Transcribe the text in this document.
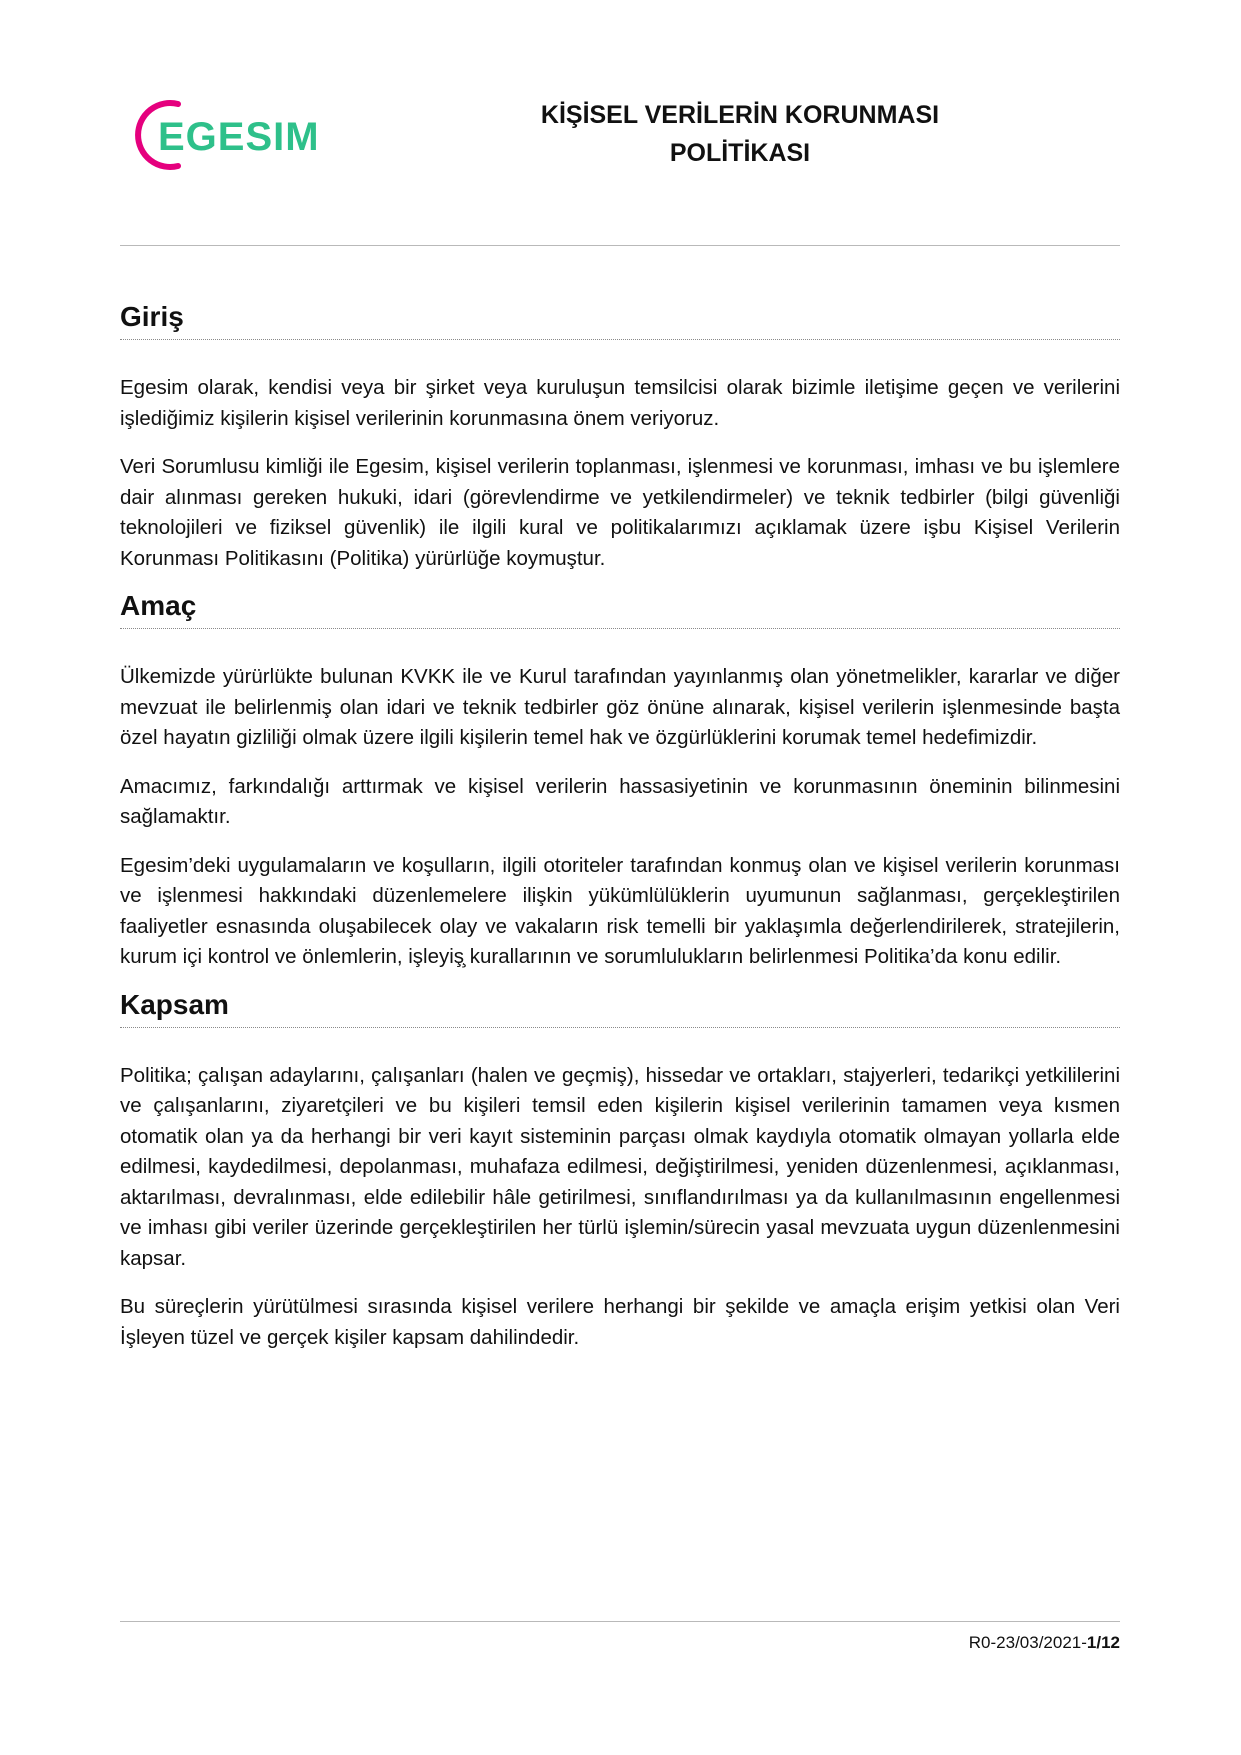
EGESIM	KİŞİSEL VERİLERİN KORUNMASI
POLİTİKASI
Giriş

Egesim olarak, kendisi veya bir şirket veya kuruluşun temsilcisi olarak bizimle iletişime geçen ve verilerini işlediğimiz kişilerin kişisel verilerinin korunmasına önem veriyoruz.

Veri Sorumlusu kimliği ile Egesim, kişisel verilerin toplanması, işlenmesi ve korunması, imhası ve bu işlemlere dair alınması gereken hukuki, idari (görevlendirme ve yetkilendirmeler) ve teknik tedbirler (bilgi güvenliği teknolojileri ve fiziksel güvenlik) ile ilgili kural ve politikalarımızı açıklamak üzere işbu Kişisel Verilerin Korunması Politikasını (Politika) yürürlüğe koymuştur.

Amaç

Ülkemizde yürürlükte bulunan KVKK ile ve Kurul tarafından yayınlanmış olan yönetmelikler, kararlar ve diğer mevzuat ile belirlenmiş olan idari ve teknik tedbirler göz önüne alınarak, kişisel verilerin işlenmesinde başta özel hayatın gizliliği olmak üzere ilgili kişilerin temel hak ve özgürlüklerini korumak temel hedefimizdir.

Amacımız, farkındalığı arttırmak ve kişisel verilerin hassasiyetinin ve korunmasının öneminin bilinmesini sağlamaktır.

Egesim’deki uygulamaların ve koşulların, ilgili otoriteler tarafından konmuş olan ve kişisel verilerin korunması ve işlenmesi hakkındaki düzenlemelere ilişkin yükümlülüklerin uyumunun sağlanması, gerçekleştirilen faaliyetler esnasında oluşabilecek olay ve vakaların risk temelli bir yaklaşımla değerlendirilerek, stratejilerin, kurum içi kontrol ve önlemlerin, işleyiş̧ kurallarının ve sorumlulukların belirlenmesi Politika’da konu edilir.

Kapsam

Politika; çalışan adaylarını, çalışanları (halen ve geçmiş), hissedar ve ortakları, stajyerleri, tedarikçi yetkililerini ve çalışanlarını, ziyaretçileri ve bu kişileri temsil eden kişilerin kişisel verilerinin tamamen veya kısmen otomatik olan ya da herhangi bir veri kayıt sisteminin parçası olmak kaydıyla otomatik olmayan yollarla elde edilmesi, kaydedilmesi, depolanması, muhafaza edilmesi, değiştirilmesi, yeniden düzenlenmesi, açıklanması, aktarılması, devralınması, elde edilebilir hâle getirilmesi, sınıflandırılması ya da kullanılmasının engellenmesi ve imhası gibi veriler üzerinde gerçekleştirilen her türlü işlemin/sürecin yasal mevzuata uygun düzenlenmesini kapsar.

Bu süreçlerin yürütülmesi sırasında kişisel verilere herhangi bir şekilde ve amaçla erişim yetkisi olan Veri İşleyen tüzel ve gerçek kişiler kapsam dahilindedir.

R0-23/03/2021-1/12
